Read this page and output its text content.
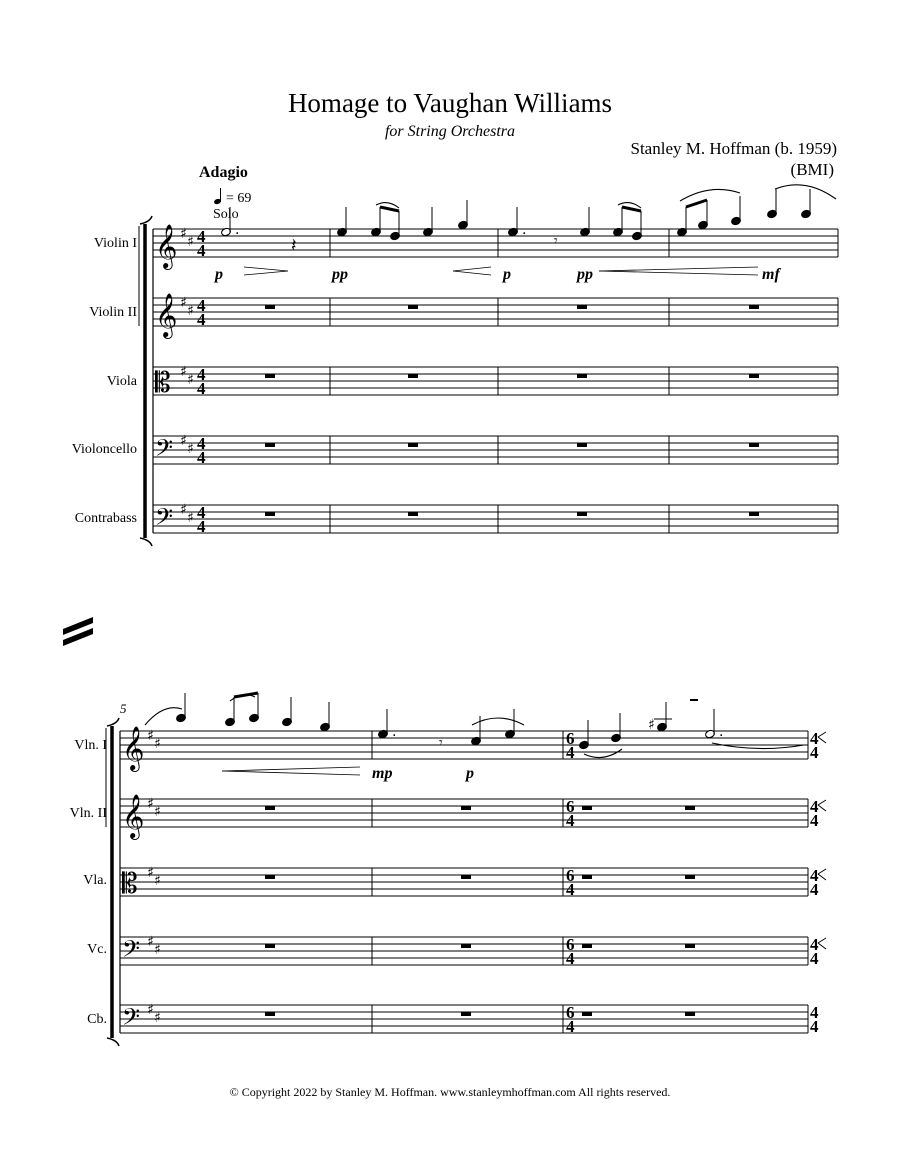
Homage to Vaughan Williams
for String Orchestra
Stanley M. Hoffman (b. 1959)
(BMI)
Adagio
= 69
Solo
Violin I
Violin II
Viola
Violoncello
Contrabass
Vln. I
Vln. II
Vla.
Vc.
Cb.
𝄞 ♯ ♯ 4
4
𝄞 ♯ ♯ 4
4
𝄡 ♯ ♯ 4
4
𝄢 ♯ ♯ 4
4
𝄢 ♯ ♯ 4
4
.
𝄽
.
𝄾
𝄞 ♯ ♯	6
4
4
4
𝄞 ♯ ♯	6
4
4
4
𝄡 ♯ ♯	6
4
4
4
𝄢 ♯ ♯	6
4
4
4
𝄢 ♯ ♯	6
4
4
4
.
𝄾
♯	.
p	pp	p	pp	mf
mp	p
5
© Copyright 2022 by Stanley M. Hoffman. www.stanleymhoffman.com All rights reserved.
